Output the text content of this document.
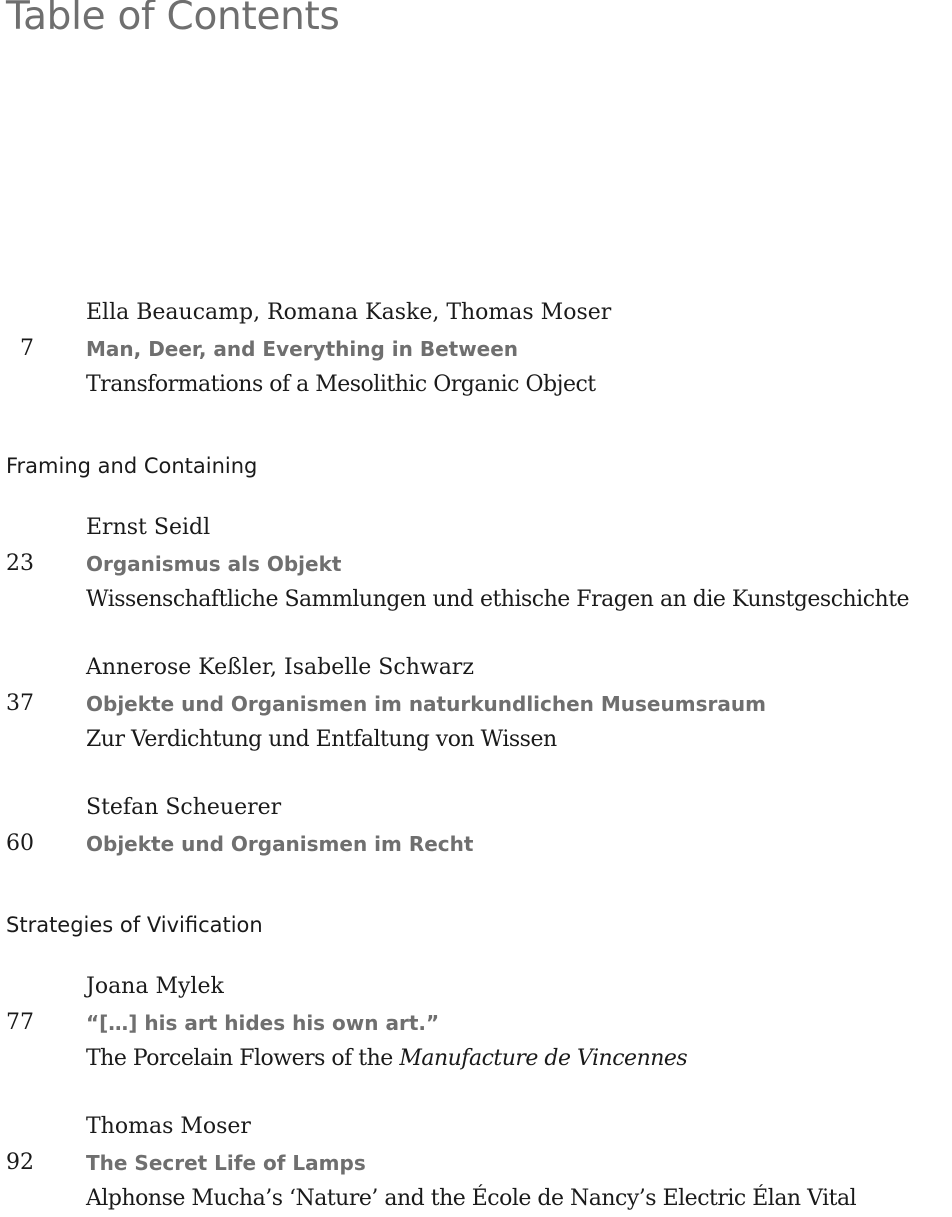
Table of Contents
Ella Beaucamp, Romana Kaske, Thomas Moser
7	Man, Deer, and Everything in Between
Transformations of a Mesolithic Organic Object
Framing and Containing
Ernst Seidl
23	Organismus als Objekt
Wissenschaftliche Sammlungen und ethische Fragen an die Kunstgeschichte
Annerose Keßler, Isabelle Schwarz
37	Objekte und Organismen im naturkundlichen Museumsraum
Zur Verdichtung und Entfaltung von Wissen
Stefan Scheuerer
60	Objekte und Organismen im Recht
Strategies of Vivification
Joana Mylek
77	“[…] his art hides his own art.”
The Porcelain Flowers of the Manufacture de Vincennes
Thomas Moser
92	The Secret Life of Lamps
Alphonse Mucha’s ‘Nature’ and the École de Nancy’s Electric Élan Vital
